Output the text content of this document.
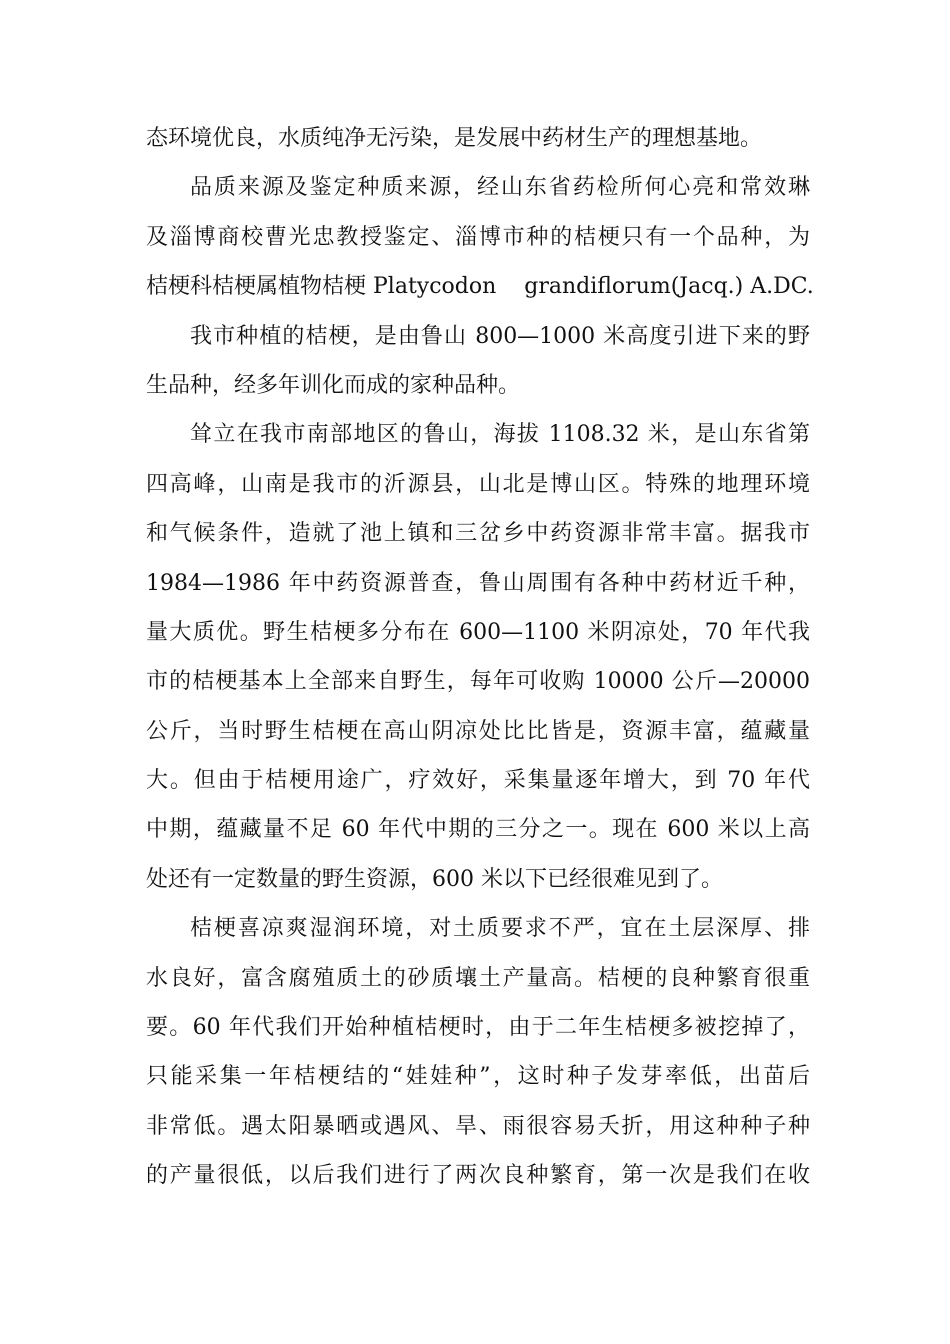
态环境优良，水质纯净无污染，是发展中药材生产的理想基地。
品质来源及鉴定种质来源，经山东省药检所何心亮和常效琳
及淄博商校曹光忠教授鉴定、淄博市种的桔梗只有一个品种，为
桔梗科桔梗属植物桔梗 Platycodon    grandiflorum(Jacq.) A.DC.
我市种植的桔梗，是由鲁山 800—1000 米高度引进下来的野
生品种，经多年训化而成的家种品种。
耸立在我市南部地区的鲁山，海拔 1108.32 米，是山东省第
四高峰，山南是我市的沂源县，山北是博山区。特殊的地理环境
和气候条件，造就了池上镇和三岔乡中药资源非常丰富。据我市
1984—1986 年中药资源普查，鲁山周围有各种中药材近千种，
量大质优。野生桔梗多分布在 600—1100 米阴凉处，70 年代我
市的桔梗基本上全部来自野生，每年可收购 10000 公斤—20000
公斤，当时野生桔梗在高山阴凉处比比皆是，资源丰富，蕴藏量
大。但由于桔梗用途广，疗效好，采集量逐年增大，到 70 年代
中期，蕴藏量不足 60 年代中期的三分之一。现在 600 米以上高
处还有一定数量的野生资源，600 米以下已经很难见到了。
桔梗喜凉爽湿润环境，对土质要求不严，宜在土层深厚、排
水良好，富含腐殖质土的砂质壤土产量高。桔梗的良种繁育很重
要。60 年代我们开始种植桔梗时，由于二年生桔梗多被挖掉了，
只能采集一年桔梗结的“娃娃种”，这时种子发芽率低，出苗后
非常低。遇太阳暴晒或遇风、旱、雨很容易夭折，用这种种子种
的产量很低，以后我们进行了两次良种繁育，第一次是我们在收
